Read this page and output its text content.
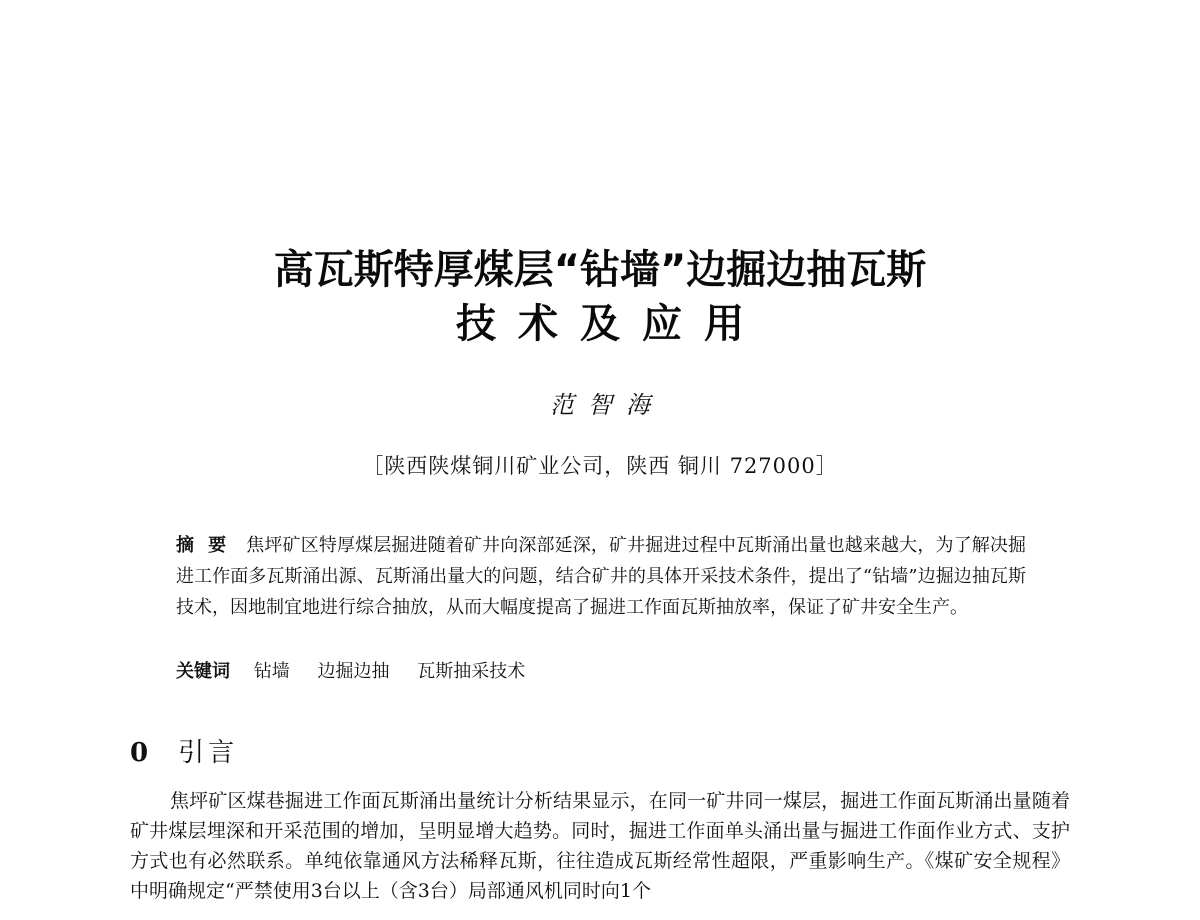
高瓦斯特厚煤层“钻墙”边掘边抽瓦斯
技术及应用
范智海
［陕西陕煤铜川矿业公司，陕西 铜川 727000］
摘要 焦坪矿区特厚煤层掘进随着矿井向深部延深，矿井掘进过程中瓦斯涌出量也越来越大，为了解决掘进工作面多瓦斯涌出源、瓦斯涌出量大的问题，结合矿井的具体开采技术条件，提出了“钻墙”边掘边抽瓦斯技术，因地制宜地进行综合抽放，从而大幅度提高了掘进工作面瓦斯抽放率，保证了矿井安全生产。
关键词 钻墙 边掘边抽 瓦斯抽采技术
0 引言
焦坪矿区煤巷掘进工作面瓦斯涌出量统计分析结果显示，在同一矿井同一煤层，掘进工作面瓦斯涌出量随着矿井煤层埋深和开采范围的增加，呈明显增大趋势。同时，掘进工作面单头涌出量与掘进工作面作业方式、支护方式也有必然联系。单纯依靠通风方法稀释瓦斯，往往造成瓦斯经常性超限，严重影响生产。《煤矿安全规程》中明确规定“严禁使用3台以上（含3台）局部通风机同时向1个
